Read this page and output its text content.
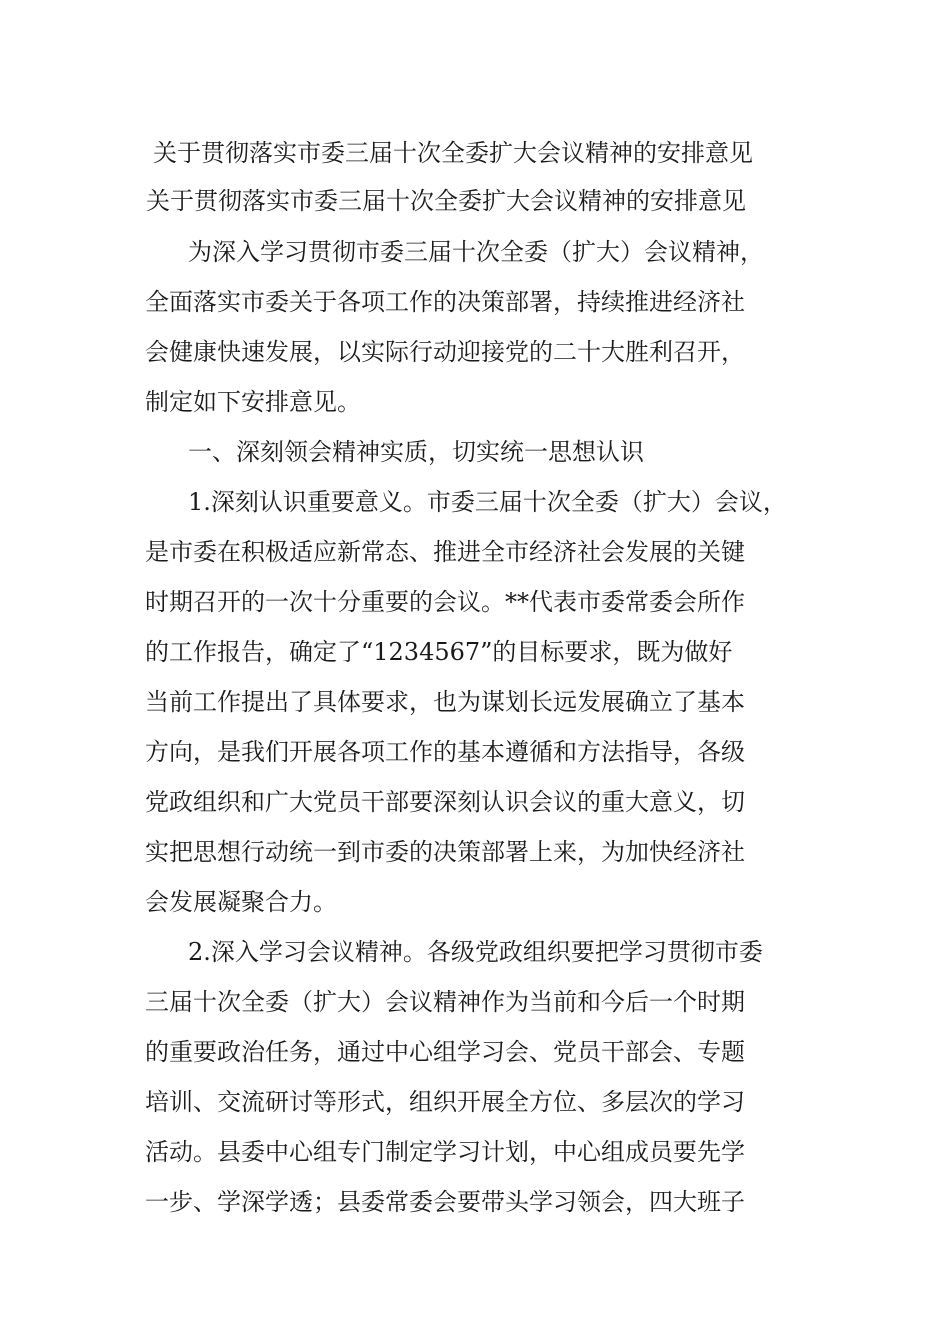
关于贯彻落实市委三届十次全委扩大会议精神的安排意见
关于贯彻落实市委三届十次全委扩大会议精神的安排意见
为深入学习贯彻市委三届十次全委（扩大）会议精神，
全面落实市委关于各项工作的决策部署，持续推进经济社
会健康快速发展，以实际行动迎接党的二十大胜利召开，
制定如下安排意见。
一、深刻领会精神实质，切实统一思想认识
1.深刻认识重要意义。市委三届十次全委（扩大）会议，
是市委在积极适应新常态、推进全市经济社会发展的关键
时期召开的一次十分重要的会议。**代表市委常委会所作
的工作报告，确定了“1234567”的目标要求，既为做好
当前工作提出了具体要求，也为谋划长远发展确立了基本
方向，是我们开展各项工作的基本遵循和方法指导，各级
党政组织和广大党员干部要深刻认识会议的重大意义，切
实把思想行动统一到市委的决策部署上来，为加快经济社
会发展凝聚合力。
2.深入学习会议精神。各级党政组织要把学习贯彻市委
三届十次全委（扩大）会议精神作为当前和今后一个时期
的重要政治任务，通过中心组学习会、党员干部会、专题
培训、交流研讨等形式，组织开展全方位、多层次的学习
活动。县委中心组专门制定学习计划，中心组成员要先学
一步、学深学透；县委常委会要带头学习领会，四大班子
